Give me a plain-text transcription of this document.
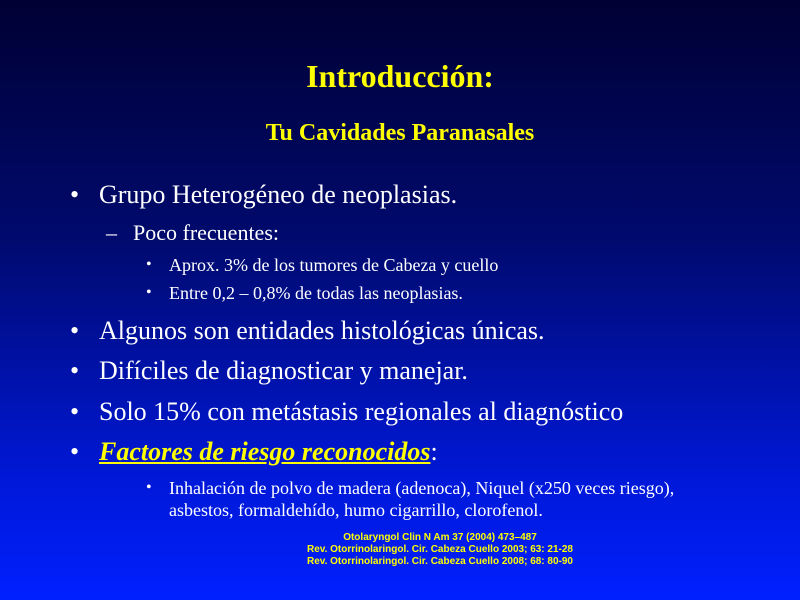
Introducción:
Tu Cavidades Paranasales
• Grupo Heterogéneo de neoplasias.
– Poco frecuentes:
• Aprox. 3% de los tumores de Cabeza y cuello
• Entre 0,2 – 0,8% de todas las neoplasias.
• Algunos son entidades histológicas únicas.
• Difíciles de diagnosticar y manejar.
• Solo 15% con metástasis regionales al diagnóstico
• Factores de riesgo reconocidos:
• Inhalación de polvo de madera (adenoca), Niquel (x250 veces riesgo), asbestos, formaldehído, humo cigarrillo, clorofenol.
Otolaryngol Clin N Am 37 (2004) 473–487
Rev. Otorrinolaringol. Cir. Cabeza Cuello 2003; 63: 21-28
Rev. Otorrinolaringol. Cir. Cabeza Cuello 2008; 68: 80-90
